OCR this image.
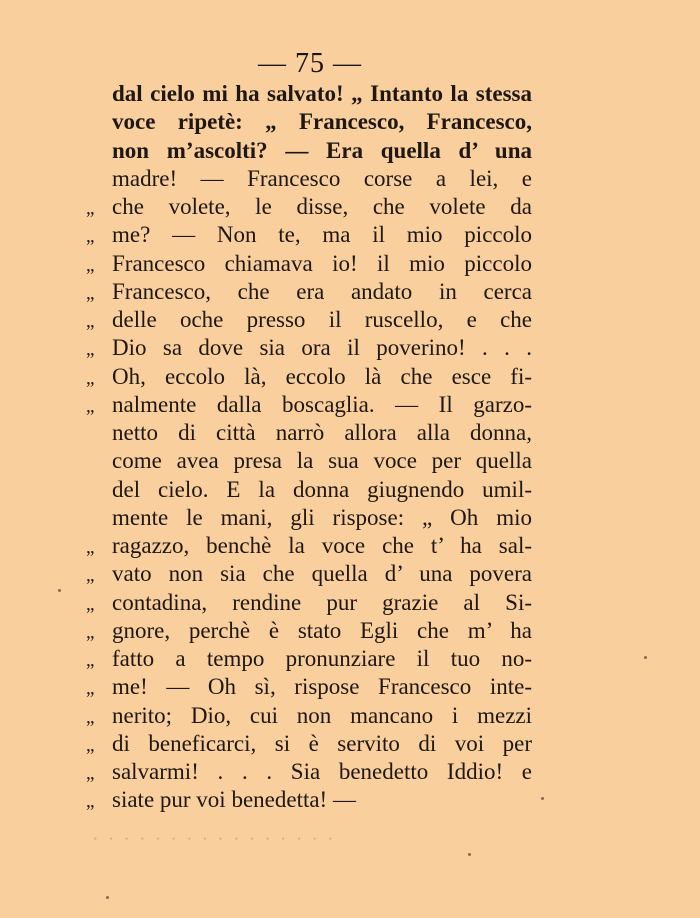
— 75 —
dal cielo mi ha salvato! „ Intanto la stessa
voce ripetè: „ Francesco, Francesco,
non m’ascolti? — Era quella d’ una
madre! — Francesco corse a lei, e
„ che volete, le disse, che volete da
„ me? — Non te, ma il mio piccolo
„ Francesco chiamava io! il mio piccolo
„ Francesco, che era andato in cerca
„ delle oche presso il ruscello, e che
„ Dio sa dove sia ora il poverino! . . .
„ Oh, eccolo là, eccolo là che esce fi-
„ nalmente dalla boscaglia. — Il garzo-
netto di città narrò allora alla donna,
come avea presa la sua voce per quella
del cielo. E la donna giugnendo umil-
mente le mani, gli rispose: „ Oh mio
„ ragazzo, benchè la voce che t’ ha sal-
„ vato non sia che quella d’ una povera
„ contadina, rendine pur grazie al Si-
„ gnore, perchè è stato Egli che m’ ha
„ fatto a tempo pronunziare il tuo no-
„ me! — Oh sì, rispose Francesco inte-
„ nerito; Dio, cui non mancano i mezzi
„ di beneficarci, si è servito di voi per
„ salvarmi! . . . Sia benedetto Iddio! e
„ siate pur voi benedetta! —
· · · · · · · · · · · · · · · ·
